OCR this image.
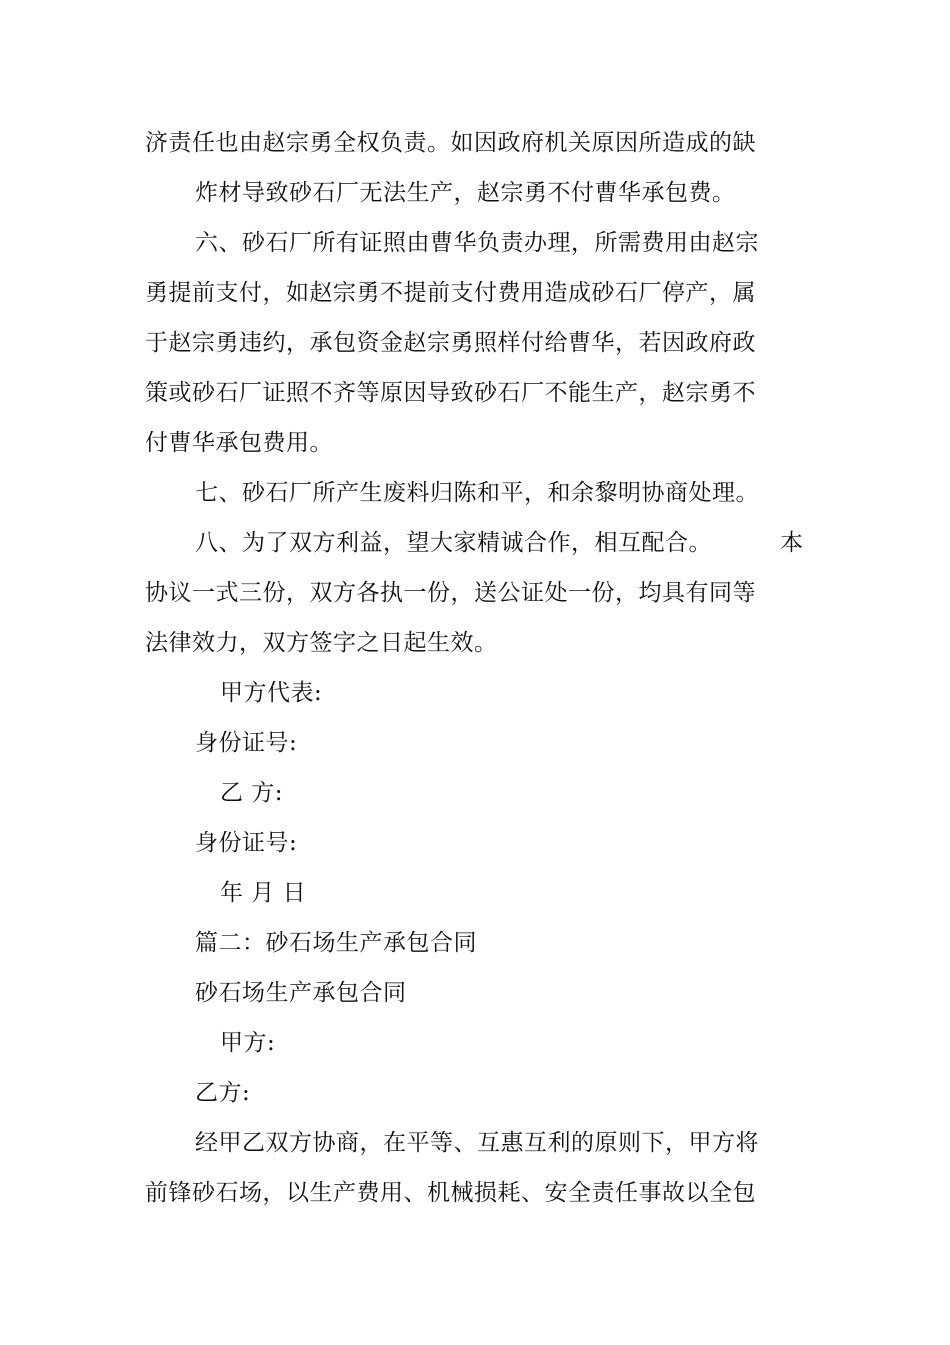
济责任也由赵宗勇全权负责。如因政府机关原因所造成的缺
炸材导致砂石厂无法生产，赵宗勇不付曹华承包费。
六、砂石厂所有证照由曹华负责办理，所需费用由赵宗
勇提前支付，如赵宗勇不提前支付费用造成砂石厂停产，属
于赵宗勇违约，承包资金赵宗勇照样付给曹华，若因政府政
策或砂石厂证照不齐等原因导致砂石厂不能生产，赵宗勇不
付曹华承包费用。
七、砂石厂所产生废料归陈和平，和余黎明协商处理。
八、为了双方利益，望大家精诚合作，相互配合。	本
协议一式三份，双方各执一份，送公证处一份，均具有同等
法律效力，双方签字之日起生效。
甲方代表:
身份证号:
乙 方:
身份证号:
年 月 日
篇二：砂石场生产承包合同
砂石场生产承包合同
甲方:
乙方:
经甲乙双方协商，在平等、互惠互利的原则下，甲方将
前锋砂石场，以生产费用、机械损耗、安全责任事故以全包
